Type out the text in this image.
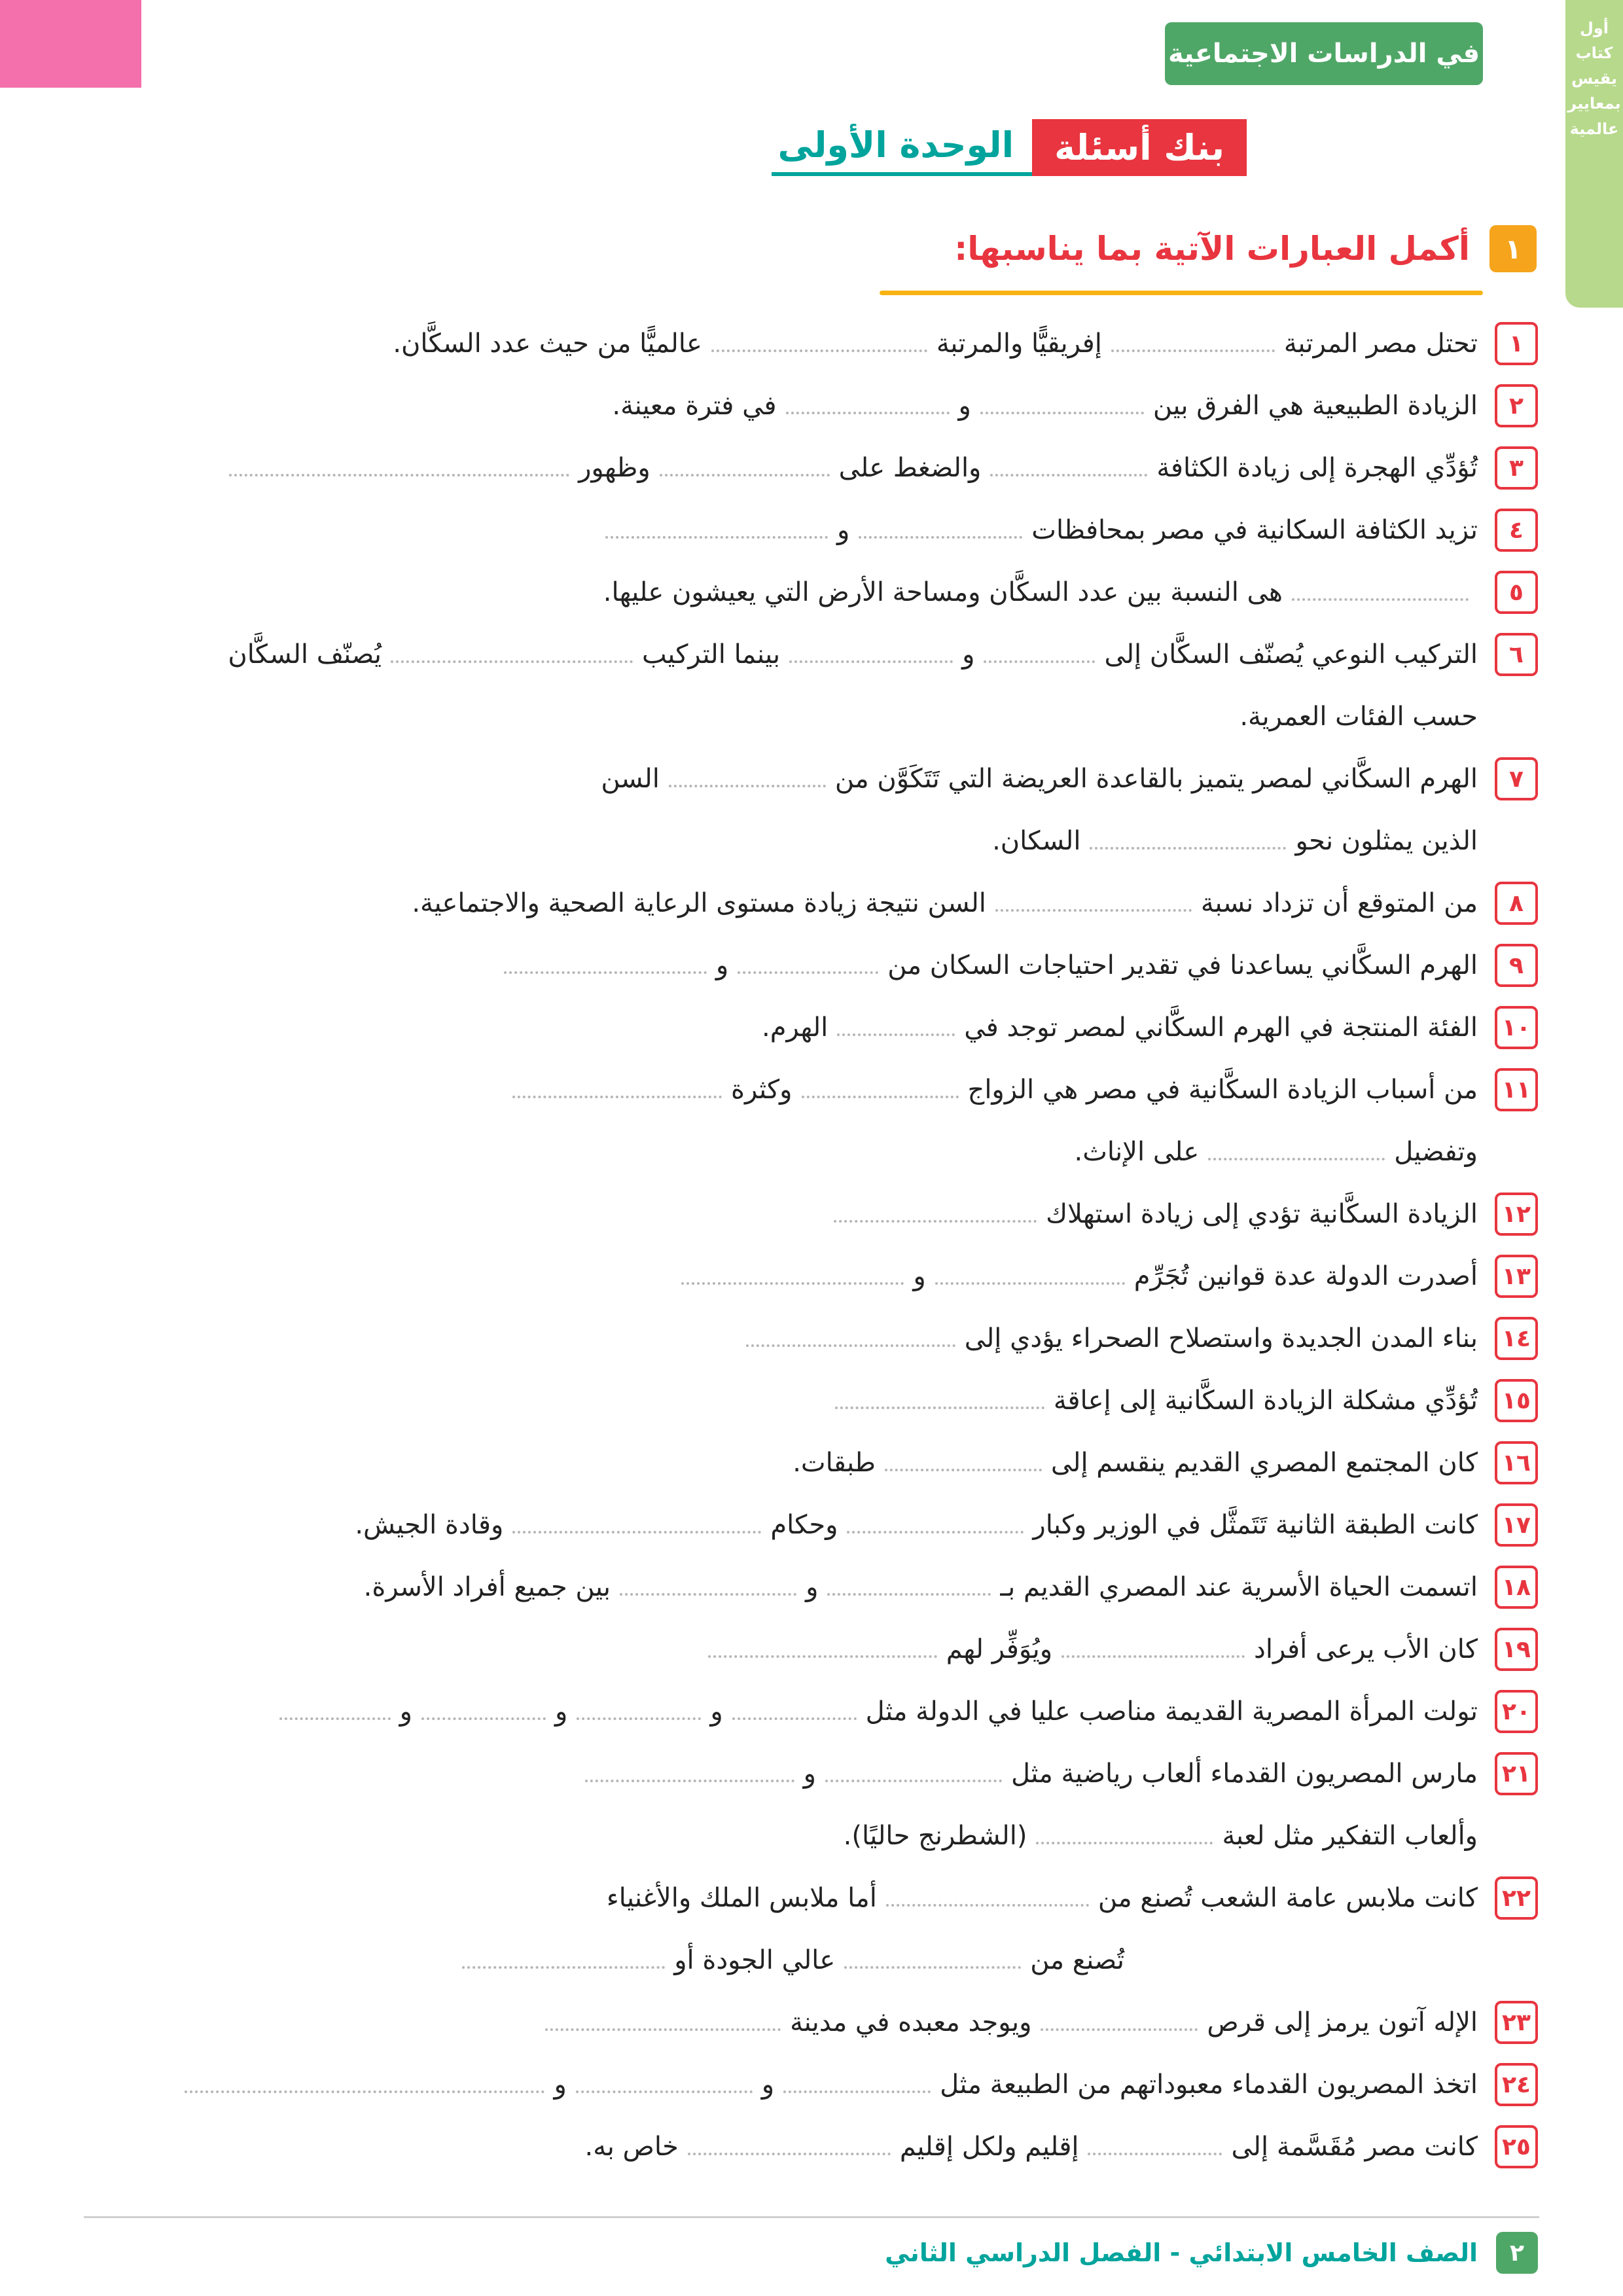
أول
كتاب
يقيس
بمعايير
عالمية
في الدراسات الاجتماعية
بنك أسئلة
الوحدة الأولى
١
أكمل العبارات الآتية بما يناسبها:
١
تحتل مصر المرتبةإفريقيًّا والمرتبةعالميًّا من حيث عدد السكَّان.
٢
الزيادة الطبيعية هي الفرق بينوفي فترة معينة.
٣
تُؤدِّي الهجرة إلى زيادة الكثافةوالضغط علىوظهور
٤
تزيد الكثافة السكانية في مصر بمحافظاتو
٥
هى النسبة بين عدد السكَّان ومساحة الأرض التي يعيشون عليها.
٦
التركيب النوعي يُصنّف السكَّان إلىوبينما التركيبيُصنّف السكَّان
حسب الفئات العمرية.
٧
الهرم السكَّاني لمصر يتميز بالقاعدة العريضة التي تَتَكَوَّن منالسن
الذين يمثلون نحوالسكان.
٨
من المتوقع أن تزداد نسبةالسن نتيجة زيادة مستوى الرعاية الصحية والاجتماعية.
٩
الهرم السكَّاني يساعدنا في تقدير احتياجات السكان منو
١٠
الفئة المنتجة في الهرم السكَّاني لمصر توجد فيالهرم.
١١
من أسباب الزيادة السكَّانية في مصر هي الزواجوكثرة
وتفضيلعلى الإناث.
١٢
الزيادة السكَّانية تؤدي إلى زيادة استهلاك
١٣
أصدرت الدولة عدة قوانين تُجَرِّمو
١٤
بناء المدن الجديدة واستصلاح الصحراء يؤدي إلى
١٥
تُؤدِّي مشكلة الزيادة السكَّانية إلى إعاقة
١٦
كان المجتمع المصري القديم ينقسم إلىطبقات.
١٧
كانت الطبقة الثانية تَتَمثَّل في الوزير وكباروحكاموقادة الجيش.
١٨
اتسمت الحياة الأسرية عند المصري القديم بـوبين جميع أفراد الأسرة.
١٩
كان الأب يرعى أفرادويُوَفِّر لهم
٢٠
تولت المرأة المصرية القديمة مناصب عليا في الدولة مثلووو
٢١
مارس المصريون القدماء ألعاب رياضية مثلو
وألعاب التفكير مثل لعبة(الشطرنج حاليًا).
٢٢
كانت ملابس عامة الشعب تُصنع منأما ملابس الملك والأغنياء
تُصنع منعالي الجودة أو
٢٣
الإله آتون يرمز إلى قرصويوجد معبده في مدينة
٢٤
اتخذ المصريون القدماء معبوداتهم من الطبيعة مثلوو
٢٥
كانت مصر مُقَسَّمة إلىإقليم ولكل إقليمخاص به.
٢
الصف الخامس الابتدائي - الفصل الدراسي الثاني
